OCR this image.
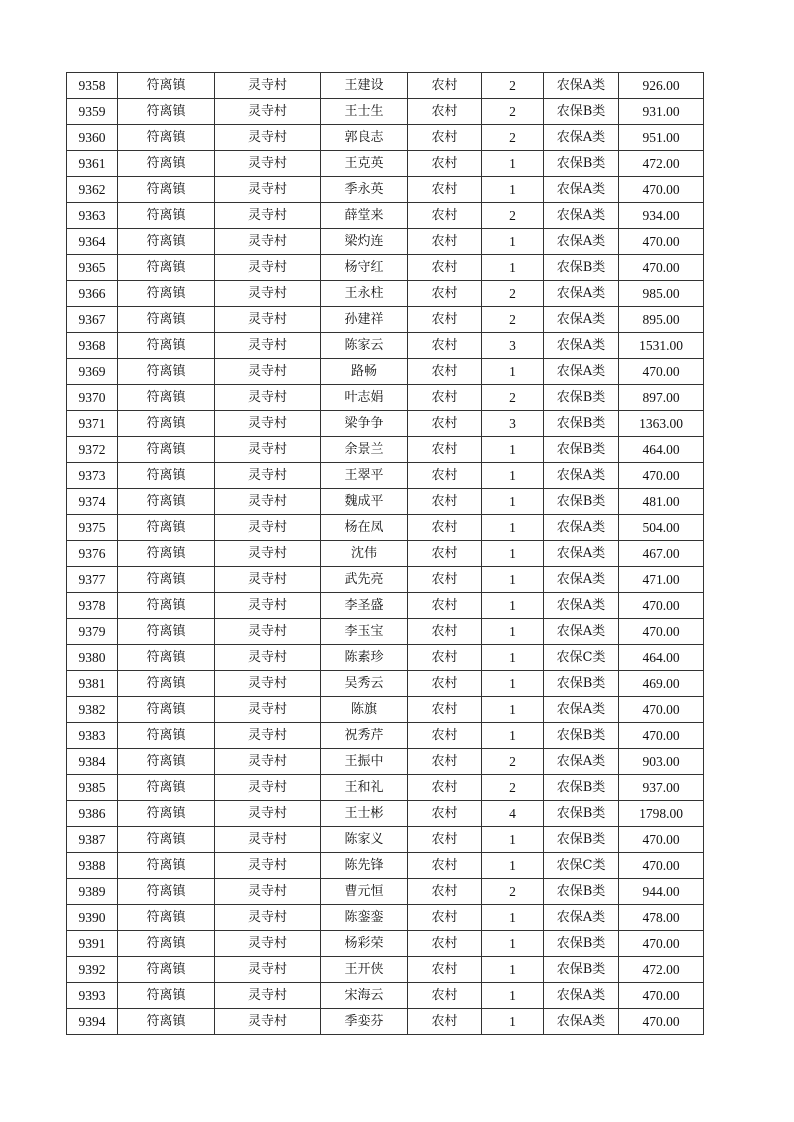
9358	符离镇	灵寺村	王建设	农村	2	农保A类	926.00
9359	符离镇	灵寺村	王士生	农村	2	农保B类	931.00
9360	符离镇	灵寺村	郭良志	农村	2	农保A类	951.00
9361	符离镇	灵寺村	王克英	农村	1	农保B类	472.00
9362	符离镇	灵寺村	季永英	农村	1	农保A类	470.00
9363	符离镇	灵寺村	薛堂来	农村	2	农保A类	934.00
9364	符离镇	灵寺村	梁灼连	农村	1	农保A类	470.00
9365	符离镇	灵寺村	杨守红	农村	1	农保B类	470.00
9366	符离镇	灵寺村	王永柱	农村	2	农保A类	985.00
9367	符离镇	灵寺村	孙建祥	农村	2	农保A类	895.00
9368	符离镇	灵寺村	陈家云	农村	3	农保A类	1531.00
9369	符离镇	灵寺村	路畅	农村	1	农保A类	470.00
9370	符离镇	灵寺村	叶志娟	农村	2	农保B类	897.00
9371	符离镇	灵寺村	梁争争	农村	3	农保B类	1363.00
9372	符离镇	灵寺村	余景兰	农村	1	农保B类	464.00
9373	符离镇	灵寺村	王翠平	农村	1	农保A类	470.00
9374	符离镇	灵寺村	魏成平	农村	1	农保B类	481.00
9375	符离镇	灵寺村	杨在凤	农村	1	农保A类	504.00
9376	符离镇	灵寺村	沈伟	农村	1	农保A类	467.00
9377	符离镇	灵寺村	武先亮	农村	1	农保A类	471.00
9378	符离镇	灵寺村	李圣盛	农村	1	农保A类	470.00
9379	符离镇	灵寺村	李玉宝	农村	1	农保A类	470.00
9380	符离镇	灵寺村	陈素珍	农村	1	农保C类	464.00
9381	符离镇	灵寺村	吴秀云	农村	1	农保B类	469.00
9382	符离镇	灵寺村	陈旗	农村	1	农保A类	470.00
9383	符离镇	灵寺村	祝秀芹	农村	1	农保B类	470.00
9384	符离镇	灵寺村	王振中	农村	2	农保A类	903.00
9385	符离镇	灵寺村	王和礼	农村	2	农保B类	937.00
9386	符离镇	灵寺村	王士彬	农村	4	农保B类	1798.00
9387	符离镇	灵寺村	陈家义	农村	1	农保B类	470.00
9388	符离镇	灵寺村	陈先锋	农村	1	农保C类	470.00
9389	符离镇	灵寺村	曹元恒	农村	2	农保B类	944.00
9390	符离镇	灵寺村	陈銮銮	农村	1	农保A类	478.00
9391	符离镇	灵寺村	杨彩荣	农村	1	农保B类	470.00
9392	符离镇	灵寺村	王开侠	农村	1	农保B类	472.00
9393	符离镇	灵寺村	宋海云	农村	1	农保A类	470.00
9394	符离镇	灵寺村	季娈芬	农村	1	农保A类	470.00
